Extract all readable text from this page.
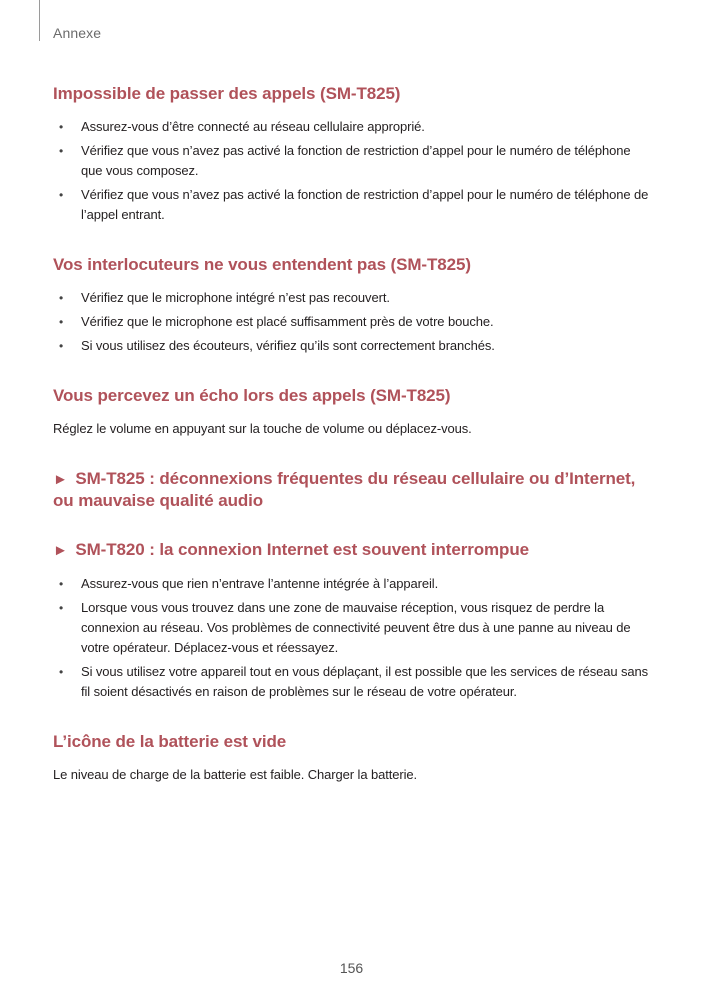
Annexe
Impossible de passer des appels (SM-T825)
• Assurez-vous d’être connecté au réseau cellulaire approprié.
• Vérifiez que vous n’avez pas activé la fonction de restriction d’appel pour le numéro de téléphone que vous composez.
• Vérifiez que vous n’avez pas activé la fonction de restriction d’appel pour le numéro de téléphone de l’appel entrant.
Vos interlocuteurs ne vous entendent pas (SM-T825)
• Vérifiez que le microphone intégré n’est pas recouvert.
• Vérifiez que le microphone est placé suffisamment près de votre bouche.
• Si vous utilisez des écouteurs, vérifiez qu’ils sont correctement branchés.
Vous percevez un écho lors des appels (SM-T825)

Réglez le volume en appuyant sur la touche de volume ou déplacez-vous.

► SM-T825 : déconnexions fréquentes du réseau cellulaire ou d’Internet, ou mauvaise qualité audio
► SM-T820 : la connexion Internet est souvent interrompue
• Assurez-vous que rien n’entrave l’antenne intégrée à l’appareil.
• Lorsque vous vous trouvez dans une zone de mauvaise réception, vous risquez de perdre la connexion au réseau. Vos problèmes de connectivité peuvent être dus à une panne au niveau de votre opérateur. Déplacez-vous et réessayez.
• Si vous utilisez votre appareil tout en vous déplaçant, il est possible que les services de réseau sans fil soient désactivés en raison de problèmes sur le réseau de votre opérateur.
L’icône de la batterie est vide

Le niveau de charge de la batterie est faible. Charger la batterie.

156
